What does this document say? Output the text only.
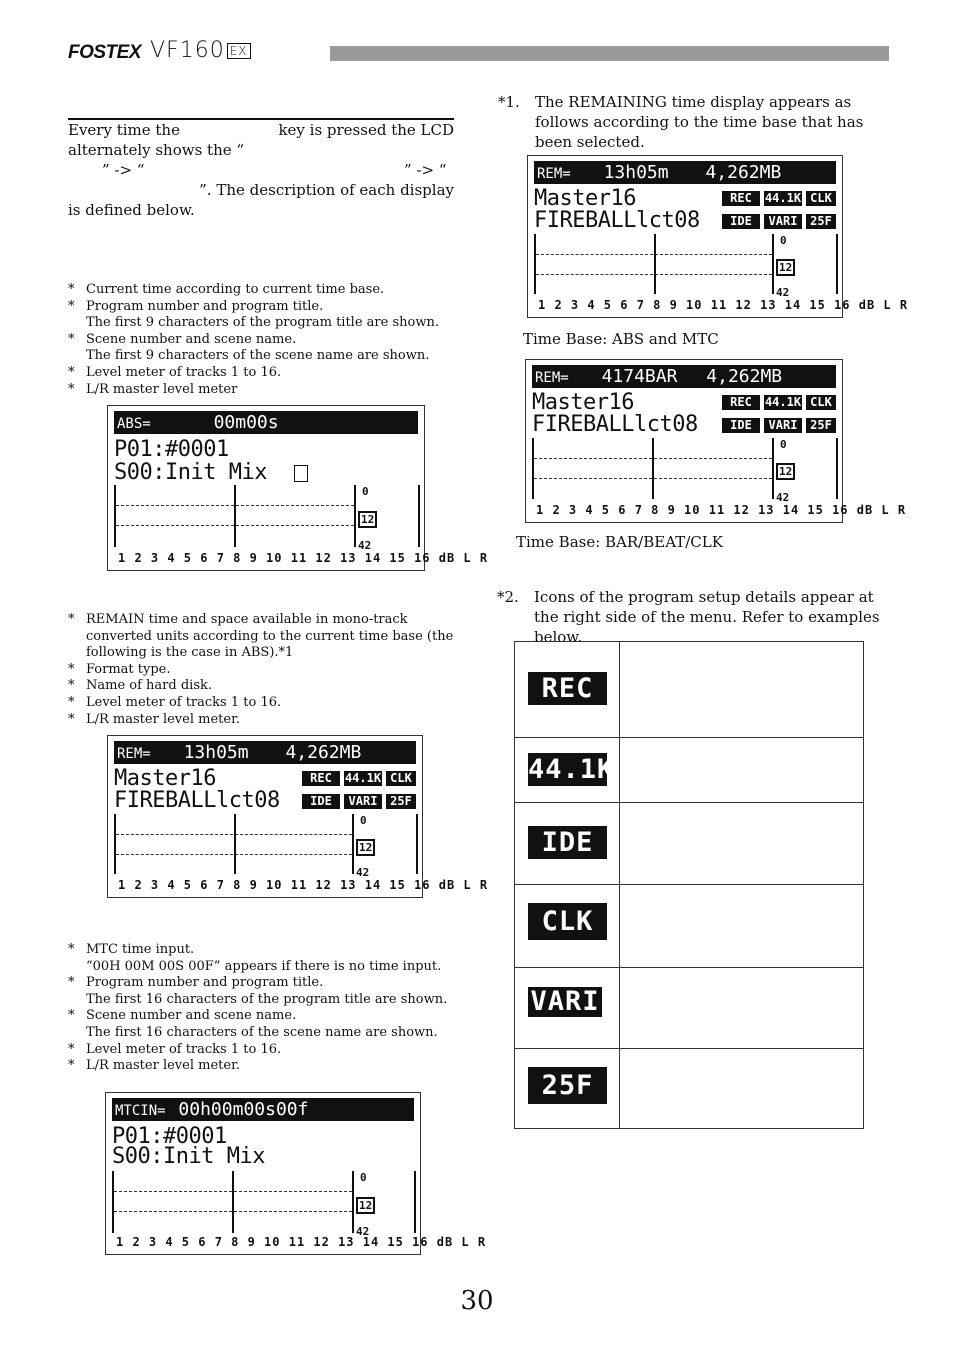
FOSTEX VF160 EX
Every time the	key is pressed the LCD
alternately shows the “
” -> “	” -> “
”. The description of each display
is defined below.
* Current time according to current time base.
* Program number and program title.
The first 9 characters of the program title are shown.
* Scene number and scene name.
The first 9 characters of the scene name are shown.
* Level meter of tracks 1 to 16.
* L/R master level meter
ABS=	00m00s
P01:#0001
S00:Init Mix
0
12
42
1 2 3 4 5 6 7 8 9 10 11 12 13 14 15 16 dB L R
* REMAIN time and space available in mono-track converted units according to the current time base (the following is the case in ABS).*1
* Format type.
* Name of hard disk.
* Level meter of tracks 1 to 16.
* L/R master level meter.
REM= 13h05m 4,262MB
Master16
FIREBALLlct08
REC	44.1K CLK
IDE	VARI	25F
0
12
42
1 2 3 4 5 6 7 8 9 10 11 12 13 14 15 16 dB L R
* MTC time input.
“00H 00M 00S 00F” appears if there is no time input.
* Program number and program title.
The first 16 characters of the program title are shown.
* Scene number and scene name.
The first 16 characters of the scene name are shown.
* Level meter of tracks 1 to 16.
* L/R master level meter.
MTCIN= 00h00m00s00f
P01:#0001
S00:Init Mix
0
12
42
1 2 3 4 5 6 7 8 9 10 11 12 13 14 15 16 dB L R
*1. The REMAINING time display appears as follows according to the time base that has been selected.
REM= 13h05m 4,262MB
Master16
FIREBALLlct08
REC	44.1K CLK
IDE	VARI	25F
0
12
42
1 2 3 4 5 6 7 8 9 10 11 12 13 14 15 16 dB L R
Time Base: ABS and MTC
REM= 4174BAR 4,262MB
Master16
FIREBALLlct08
REC	44.1K CLK
IDE	VARI	25F
0
12
42
1 2 3 4 5 6 7 8 9 10 11 12 13 14 15 16 dB L R
Time Base: BAR/BEAT/CLK
*2. Icons of the program setup details appear at the right side of the menu. Refer to examples below.
REC
44.1K
IDE
CLK
VARI
25F
30
